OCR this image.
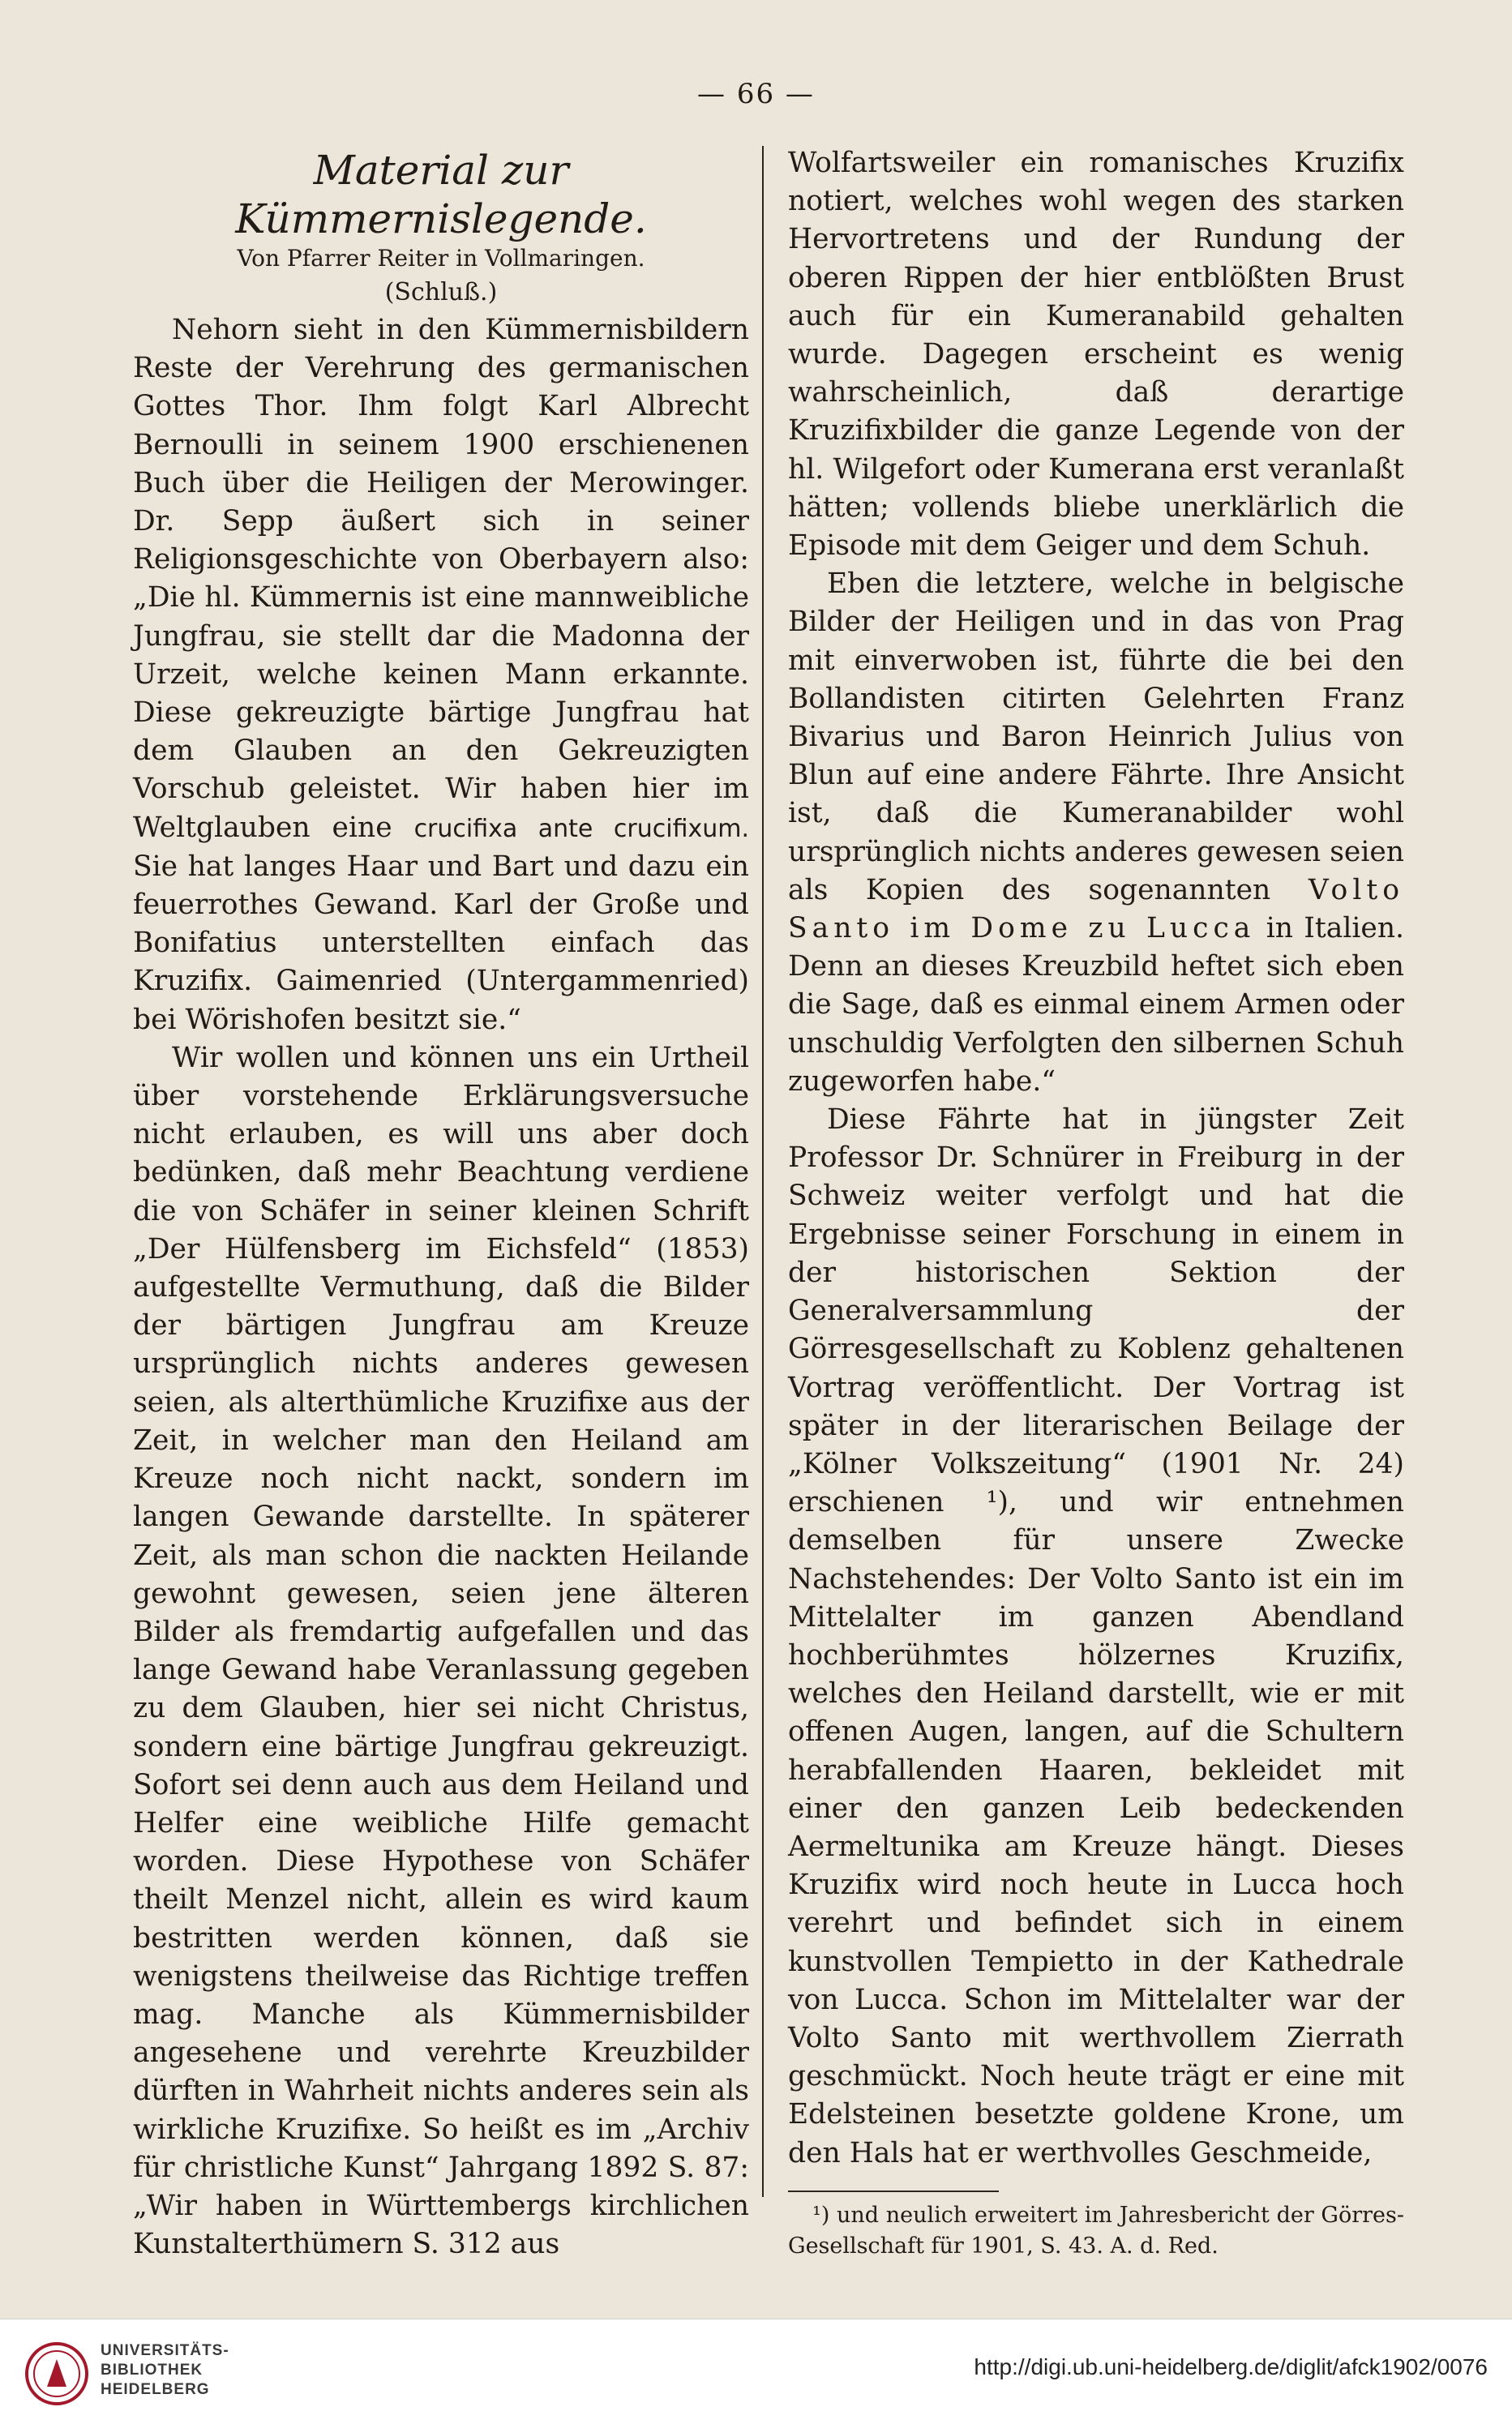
— 66 —

Material zur Kümmernislegende.

Von Pfarrer Reiter in Vollmaringen.

(Schluß.)

Nehorn sieht in den Kümmernisbildern Reste der Verehrung des germanischen Gottes Thor. Ihm folgt Karl Albrecht Bernoulli in seinem 1900 erschienenen Buch über die Heiligen der Merowinger. Dr. Sepp äußert sich in seiner Religionsgeschichte von Oberbayern also: „Die hl. Kümmernis ist eine mannweibliche Jungfrau, sie stellt dar die Madonna der Urzeit, welche keinen Mann erkannte. Diese gekreuzigte bärtige Jungfrau hat dem Glauben an den Gekreuzigten Vorschub geleistet. Wir haben hier im Weltglauben eine crucifixa ante crucifixum. Sie hat langes Haar und Bart und dazu ein feuerrothes Gewand. Karl der Große und Bonifatius unterstellten einfach das Kruzifix. Gaimenried (Untergammenried) bei Wörishofen besitzt sie.“

Wir wollen und können uns ein Urtheil über vorstehende Erklärungsversuche nicht erlauben, es will uns aber doch bedünken, daß mehr Beachtung verdiene die von Schäfer in seiner kleinen Schrift „Der Hülfensberg im Eichsfeld“ (1853) aufgestellte Vermuthung, daß die Bilder der bärtigen Jungfrau am Kreuze ursprünglich nichts anderes gewesen seien, als alterthümliche Kruzifixe aus der Zeit, in welcher man den Heiland am Kreuze noch nicht nackt, sondern im langen Gewande darstellte. In späterer Zeit, als man schon die nackten Heilande gewohnt gewesen, seien jene älteren Bilder als fremdartig aufgefallen und das lange Gewand habe Veranlassung gegeben zu dem Glauben, hier sei nicht Christus, sondern eine bärtige Jungfrau gekreuzigt. Sofort sei denn auch aus dem Heiland und Helfer eine weibliche Hilfe gemacht worden. Diese Hypothese von Schäfer theilt Menzel nicht, allein es wird kaum bestritten werden können, daß sie wenigstens theilweise das Richtige treffen mag. Manche als Kümmernisbilder angesehene und verehrte Kreuzbilder dürften in Wahrheit nichts anderes sein als wirkliche Kruzifixe. So heißt es im „Archiv für christliche Kunst“ Jahrgang 1892 S. 87: „Wir haben in Württembergs kirchlichen Kunstalterthümern S. 312 aus

Wolfartsweiler ein romanisches Kruzifix notiert, welches wohl wegen des starken Hervortretens und der Rundung der oberen Rippen der hier entblößten Brust auch für ein Kumeranabild gehalten wurde. Dagegen erscheint es wenig wahrscheinlich, daß derartige Kruzifixbilder die ganze Legende von der hl. Wilgefort oder Kumerana erst veranlaßt hätten; vollends bliebe unerklärlich die Episode mit dem Geiger und dem Schuh.

Eben die letztere, welche in belgische Bilder der Heiligen und in das von Prag mit einverwoben ist, führte die bei den Bollandisten citirten Gelehrten Franz Bivarius und Baron Heinrich Julius von Blun auf eine andere Fährte. Ihre Ansicht ist, daß die Kumeranabilder wohl ursprünglich nichts anderes gewesen seien als Kopien des sogenannten Volto Santo im Dome zu Lucca in Italien. Denn an dieses Kreuzbild heftet sich eben die Sage, daß es einmal einem Armen oder unschuldig Verfolgten den silbernen Schuh zugeworfen habe.“

Diese Fährte hat in jüngster Zeit Professor Dr. Schnürer in Freiburg in der Schweiz weiter verfolgt und hat die Ergebnisse seiner Forschung in einem in der historischen Sektion der Generalversammlung der Görresgesellschaft zu Koblenz gehaltenen Vortrag veröffentlicht. Der Vortrag ist später in der literarischen Beilage der „Kölner Volkszeitung“ (1901 Nr. 24) erschienen ¹), und wir entnehmen demselben für unsere Zwecke Nachstehendes: Der Volto Santo ist ein im Mittelalter im ganzen Abendland hochberühmtes hölzernes Kruzifix, welches den Heiland darstellt, wie er mit offenen Augen, langen, auf die Schultern herabfallenden Haaren, bekleidet mit einer den ganzen Leib bedeckenden Aermeltunika am Kreuze hängt. Dieses Kruzifix wird noch heute in Lucca hoch verehrt und befindet sich in einem kunstvollen Tempietto in der Kathedrale von Lucca. Schon im Mittelalter war der Volto Santo mit werthvollem Zierrath geschmückt. Noch heute trägt er eine mit Edelsteinen besetzte goldene Krone, um den Hals hat er werthvolles Geschmeide,

¹) und neulich erweitert im Jahresbericht der Görres-Gesellschaft für 1901, S. 43. A. d. Red.

UNIVERSITÄTS-
BIBLIOTHEK
HEIDELBERG
http://digi.ub.uni-heidelberg.de/diglit/afck1902/0076
